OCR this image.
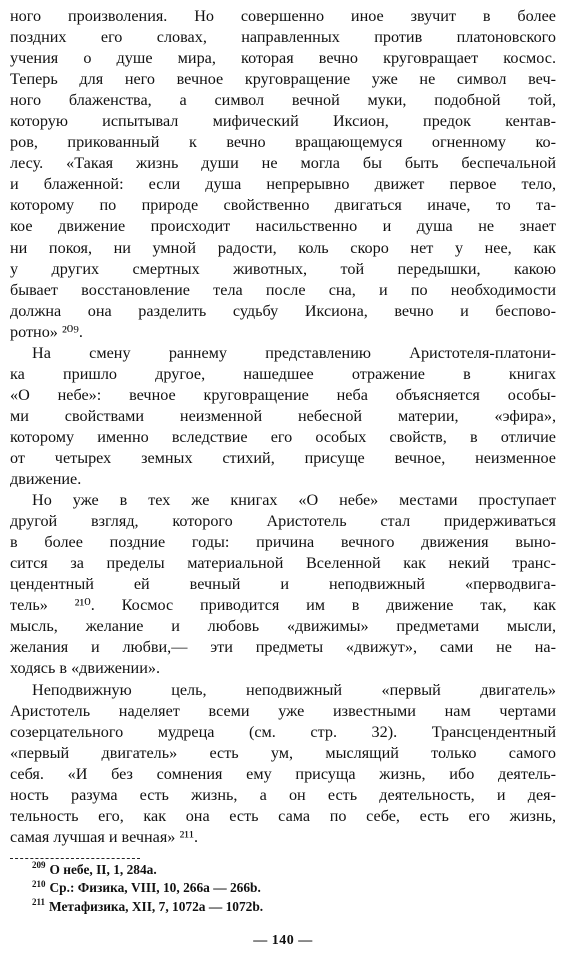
ного произволения. Но совершенно иное звучит в более
поздних его словах, направленных против платоновского
учения о душе мира, которая вечно круговращает космос.
Теперь для него вечное круговращение уже не символ веч-
ного блаженства, а символ вечной муки, подобной той,
которую испытывал мифический Иксион, предок кентав-
ров, прикованный к вечно вращающемуся огненному ко-
лесу. «Такая жизнь души не могла бы быть беспечальной
и блаженной: если душа непрерывно движет первое тело,
которому по природе свойственно двигаться иначе, то та-
кое движение происходит насильственно и душа не знает
ни покоя, ни умной радости, коль скоро нет у нее, как
у других смертных животных, той передышки, какою
бывает восстановление тела после сна, и по необходимости
должна она разделить судьбу Иксиона, вечно и беспово-
ротно» ²⁰⁹.

На смену раннему представлению Аристотеля-платони-
ка пришло другое, нашедшее отражение в книгах
«О небе»: вечное круговращение неба объясняется особы-
ми свойствами неизменной небесной материи, «эфира»,
которому именно вследствие его особых свойств, в отличие
от четырех земных стихий, присуще вечное, неизменное
движение.

Но уже в тех же книгах «О небе» местами проступает
другой взгляд, которого Аристотель стал придерживаться
в более поздние годы: причина вечного движения выно-
сится за пределы материальной Вселенной как некий транс-
цендентный ей вечный и неподвижный «перводвига-
тель» ²¹⁰. Космос приводится им в движение так, как
мысль, желание и любовь «движимы» предметами мысли,
желания и любви,— эти предметы «движут», сами не на-
ходясь в «движении».

Неподвижную цель, неподвижный «первый двигатель»
Аристотель наделяет всеми уже известными нам чертами
созерцательного мудреца (см. стр. 32). Трансцендентный
«первый двигатель» есть ум, мыслящий только самого
себя. «И без сомнения ему присуща жизнь, ибо деятель-
ность разума есть жизнь, а он есть деятельность, и дея-
тельность его, как она есть сама по себе, есть его жизнь,
самая лучшая и вечная» ²¹¹.

$^{209}$ О небе, II, 1, 284a.
$^{210}$ Ср.: Физика, VIII, 10, 266a — 266b.
$^{211}$ Метафизика, XII, 7, 1072a — 1072b.
— 140 —
